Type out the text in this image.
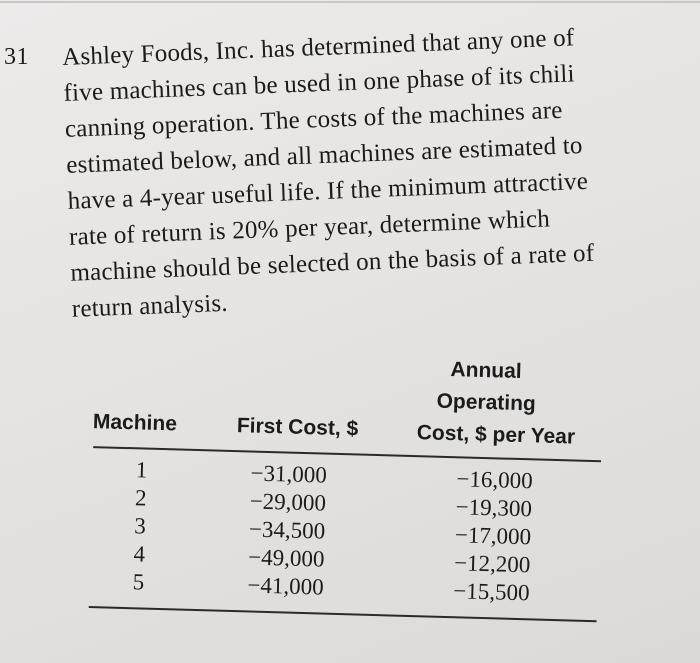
31 Ashley Foods, Inc. has determined that any one of
five machines can be used in one phase of its chili
canning operation. The costs of the machines are
estimated below, and all machines are estimated to
have a 4-year useful life. If the minimum attractive
rate of return is 20% per year, determine which
machine should be selected on the basis of a rate of
return analysis.
Annual
Operating
Machine	First Cost, $	Cost, $ per Year
1
2
3
4
5
−31,000
−29,000
−34,500
−49,000
−41,000
−16,000
−19,300
−17,000
−12,200
−15,500
